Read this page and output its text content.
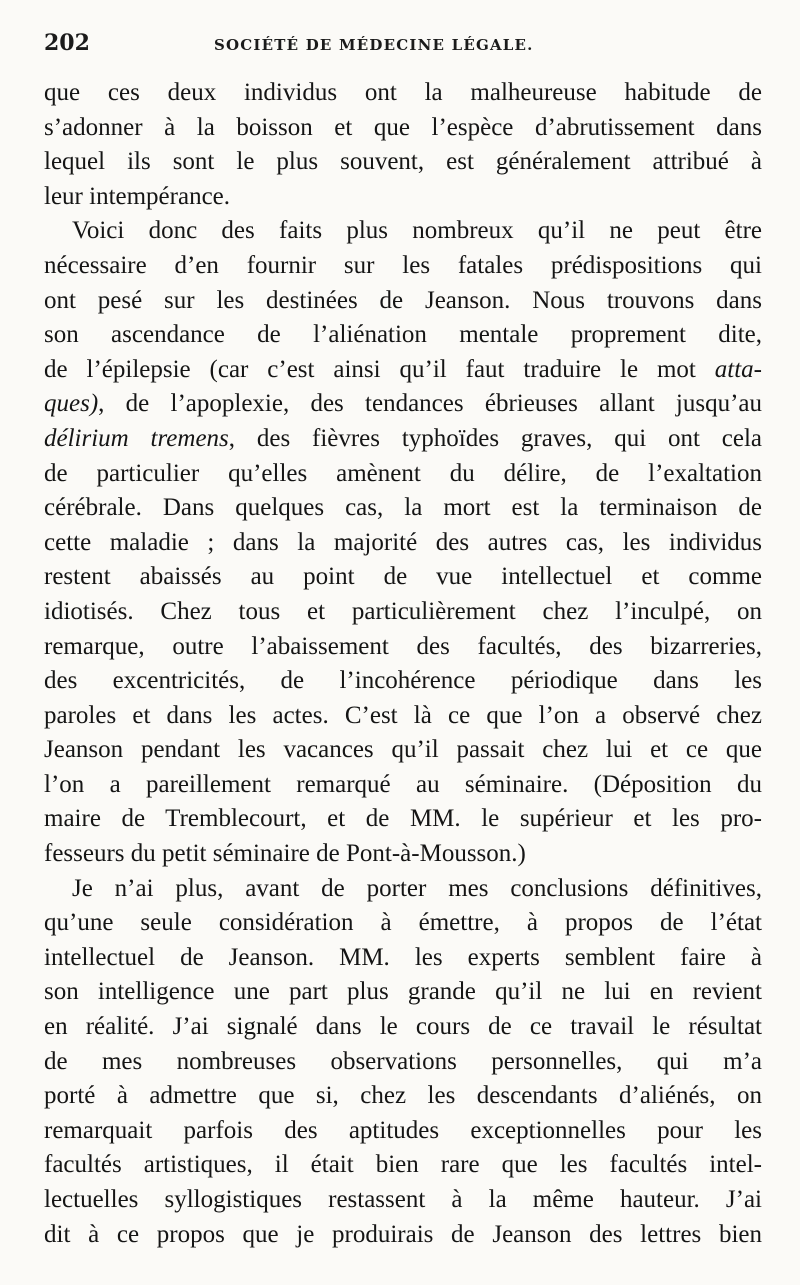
202	SOCIÉTÉ DE MÉDECINE LÉGALE.

que ces deux individus ont la malheureuse habitude de
s’adonner à la boisson et que l’espèce d’abrutissement dans
lequel ils sont le plus souvent, est généralement attribué à
leur intempérance.

Voici donc des faits plus nombreux qu’il ne peut être
nécessaire d’en fournir sur les fatales prédispositions qui
ont pesé sur les destinées de Jeanson. Nous trouvons dans
son ascendance de l’aliénation mentale proprement dite,
de l’épilepsie (car c’est ainsi qu’il faut traduire le mot atta-
ques), de l’apoplexie, des tendances ébrieuses allant jusqu’au
délirium tremens, des fièvres typhoïdes graves, qui ont cela
de particulier qu’elles amènent du délire, de l’exaltation
cérébrale. Dans quelques cas, la mort est la terminaison de
cette maladie ; dans la majorité des autres cas, les individus
restent abaissés au point de vue intellectuel et comme
idiotisés. Chez tous et particulièrement chez l’inculpé, on
remarque, outre l’abaissement des facultés, des bizarreries,
des excentricités, de l’incohérence périodique dans les
paroles et dans les actes. C’est là ce que l’on a observé chez
Jeanson pendant les vacances qu’il passait chez lui et ce que
l’on a pareillement remarqué au séminaire. (Déposition du
maire de Tremblecourt, et de MM. le supérieur et les pro-
fesseurs du petit séminaire de Pont-à-Mousson.)

Je n’ai plus, avant de porter mes conclusions définitives,
qu’une seule considération à émettre, à propos de l’état
intellectuel de Jeanson. MM. les experts semblent faire à
son intelligence une part plus grande qu’il ne lui en revient
en réalité. J’ai signalé dans le cours de ce travail le résultat
de mes nombreuses observations personnelles, qui m’a
porté à admettre que si, chez les descendants d’aliénés, on
remarquait parfois des aptitudes exceptionnelles pour les
facultés artistiques, il était bien rare que les facultés intel-
lectuelles syllogistiques restassent à la même hauteur. J’ai
dit à ce propos que je produirais de Jeanson des lettres bien
